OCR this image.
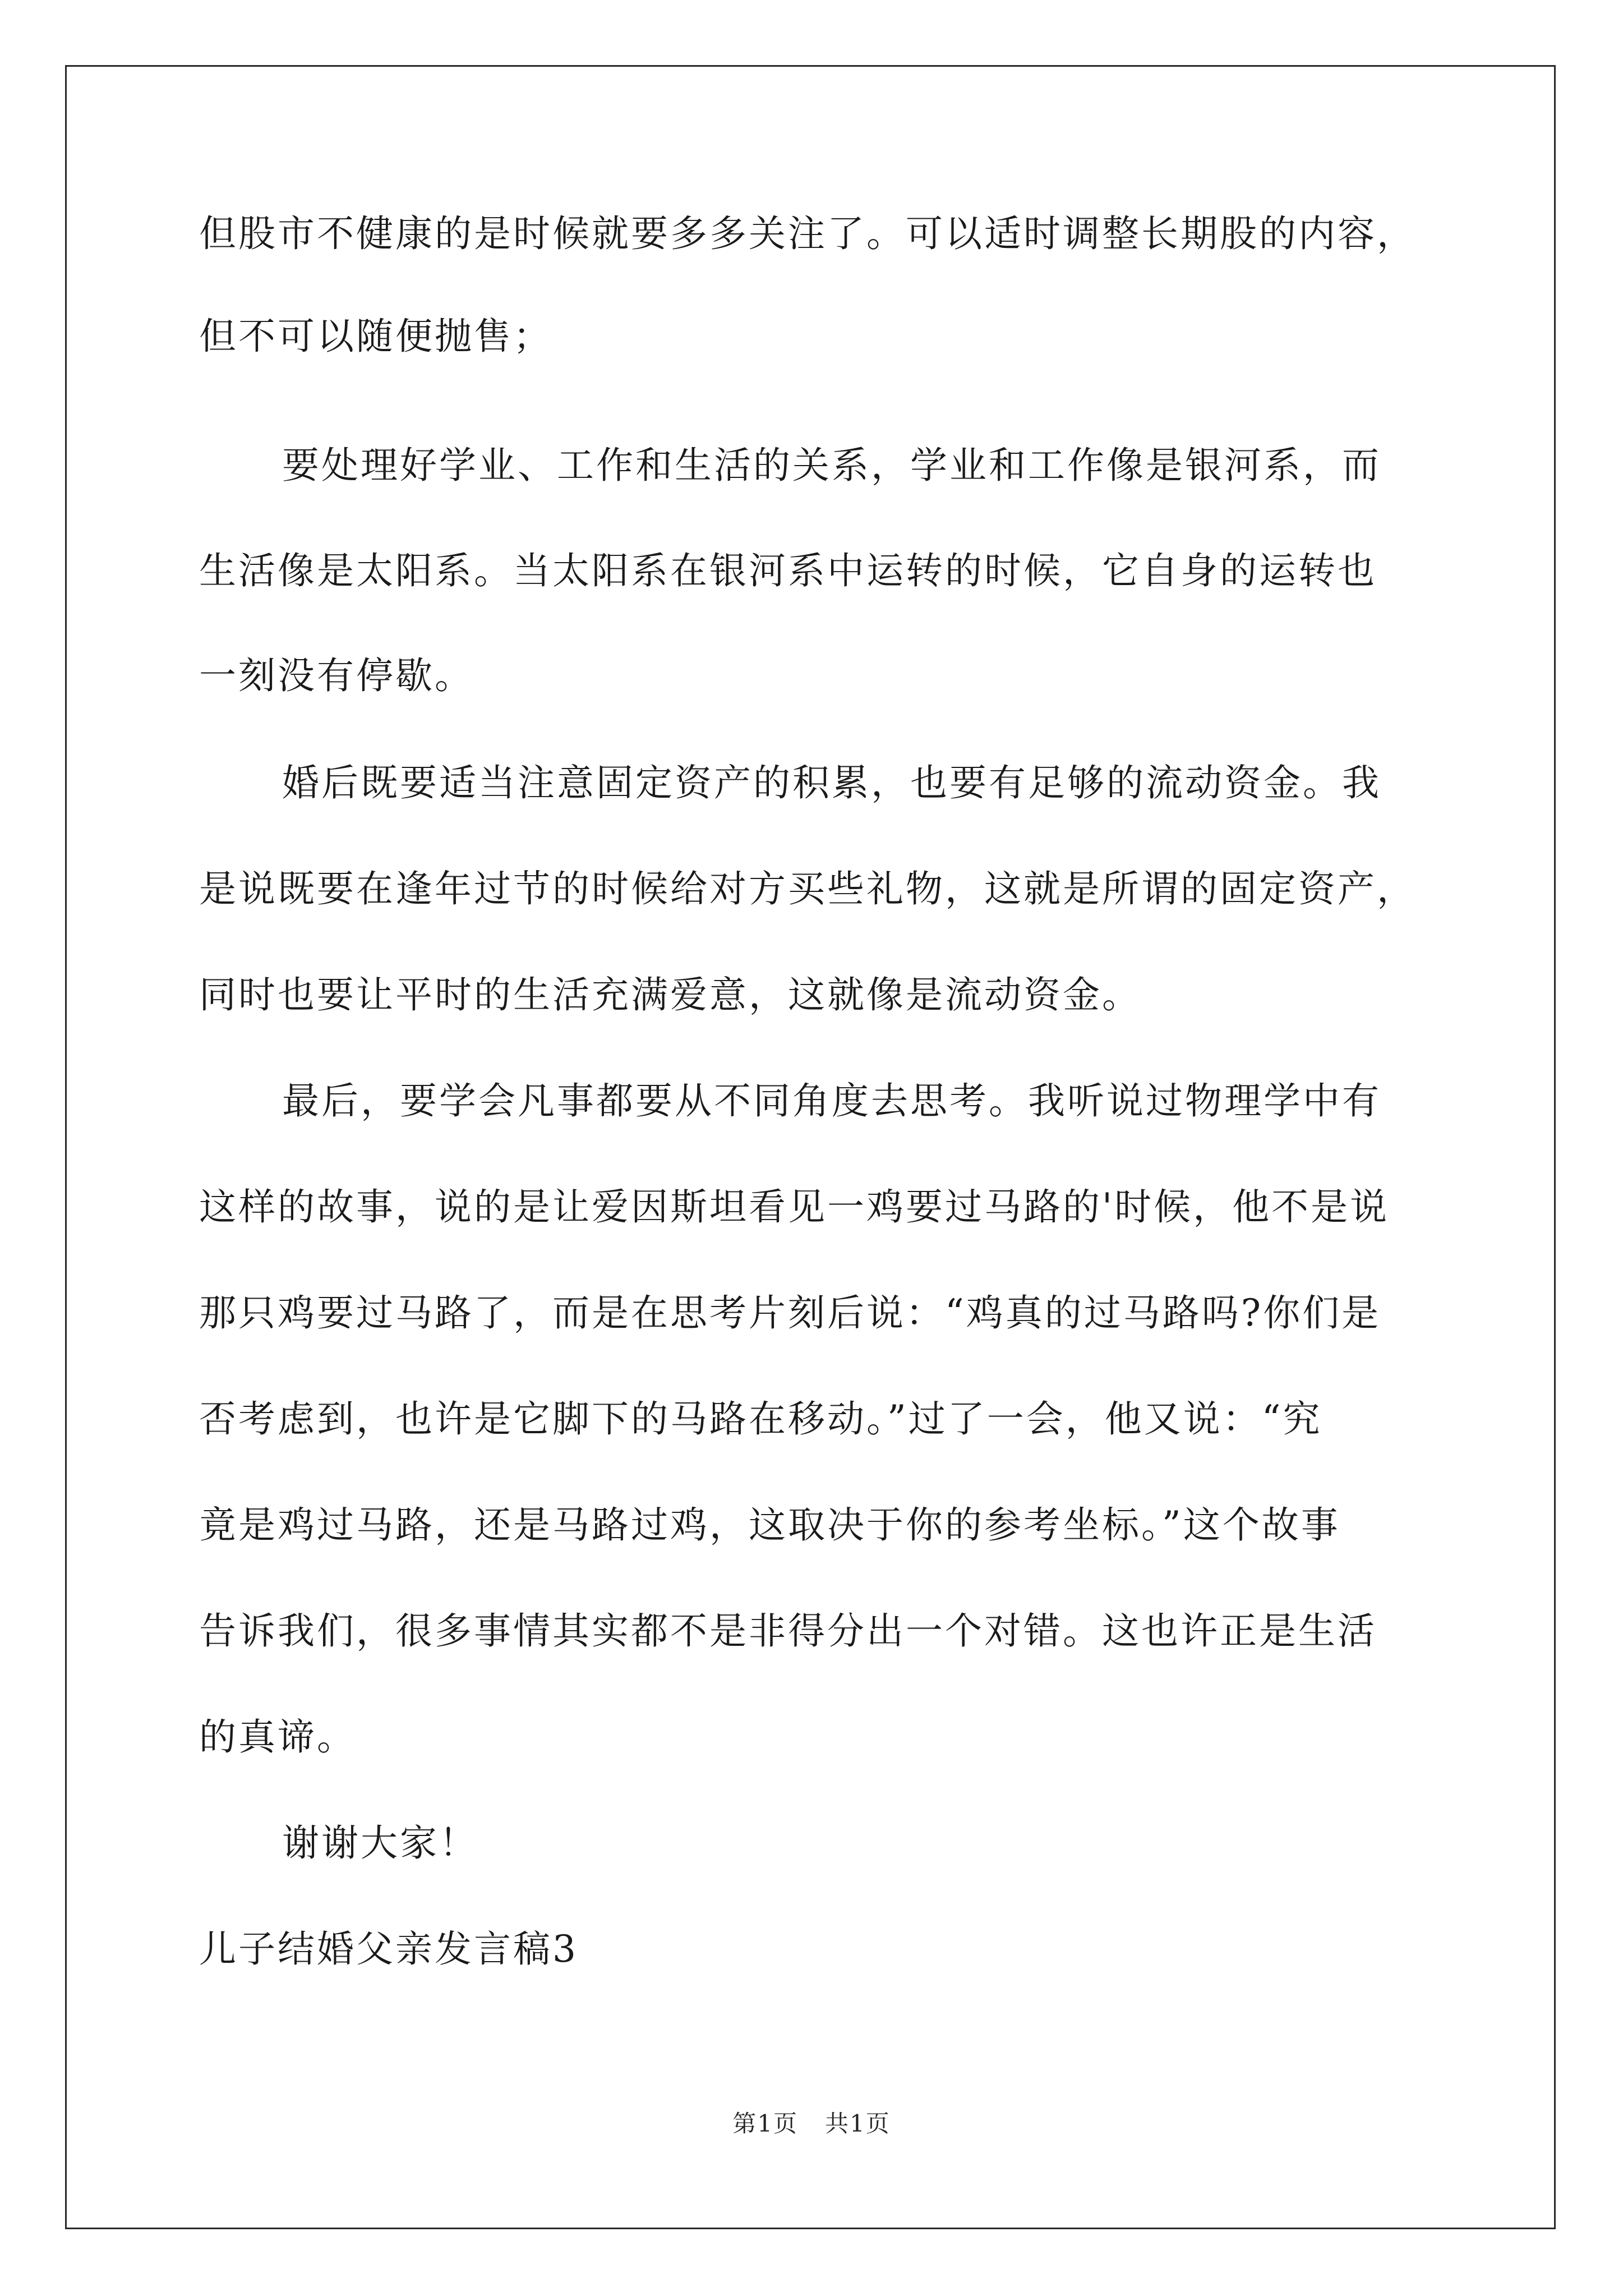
但股市不健康的是时候就要多多关注了。可以适时调整长期股的内容，
但不可以随便抛售；
要处理好学业、工作和生活的关系，学业和工作像是银河系，而
生活像是太阳系。当太阳系在银河系中运转的时候，它自身的运转也
一刻没有停歇。
婚后既要适当注意固定资产的积累，也要有足够的流动资金。我
是说既要在逢年过节的时候给对方买些礼物，这就是所谓的固定资产，
同时也要让平时的生活充满爱意，这就像是流动资金。
最后，要学会凡事都要从不同角度去思考。我听说过物理学中有
这样的故事，说的是让爱因斯坦看见一鸡要过马路的'时候，他不是说
那只鸡要过马路了，而是在思考片刻后说：“鸡真的过马路吗?你们是
否考虑到，也许是它脚下的马路在移动。”过了一会，他又说：“究
竟是鸡过马路，还是马路过鸡，这取决于你的参考坐标。”这个故事
告诉我们，很多事情其实都不是非得分出一个对错。这也许正是生活
的真谛。
谢谢大家！
儿子结婚父亲发言稿3
第1页 共1页
